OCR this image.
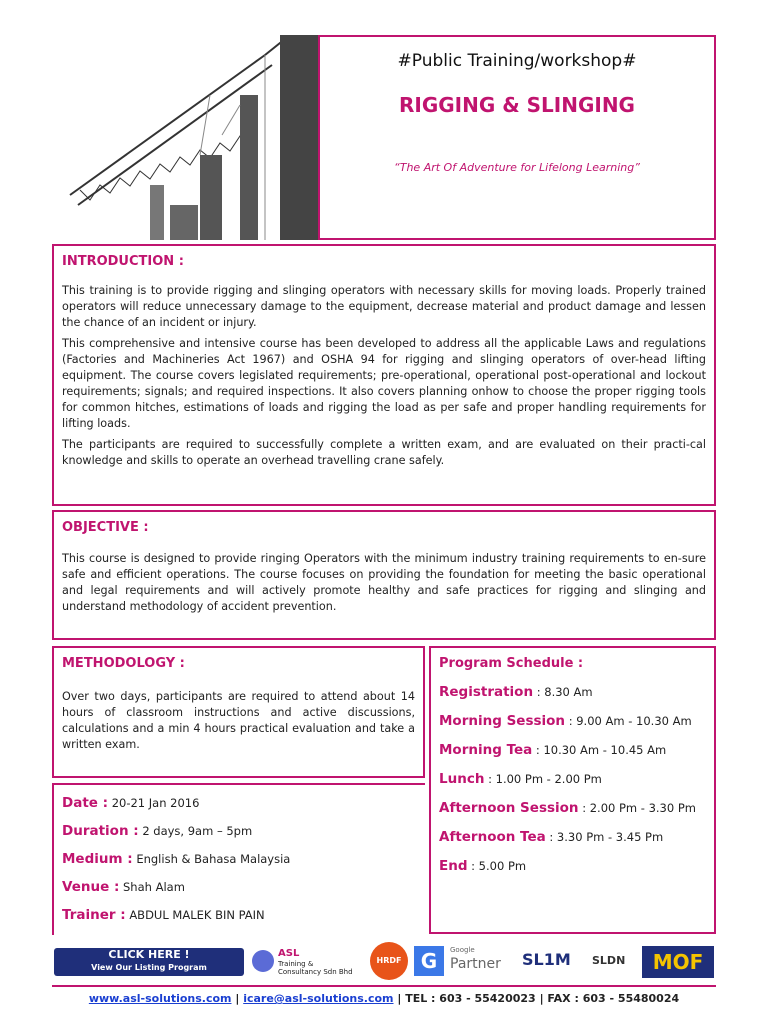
#Public Training/workshop#
RIGGING & SLINGING
“The Art Of Adventure for Lifelong Learning”
INTRODUCTION :

This training is to provide rigging and slinging operators with necessary skills for moving loads. Properly trained operators will reduce unnecessary damage to the equipment, decrease material and product damage and lessen the chance of an incident or injury.

This comprehensive and intensive course has been developed to address all the applicable Laws and regulations (Factories and Machineries Act 1967) and OSHA 94 for rigging and slinging operators of over-head lifting equipment. The course covers legislated requirements; pre-operational, operational post-operational and lockout requirements; signals; and required inspections. It also covers planning onhow to choose the proper rigging tools for common hitches, estimations of loads and rigging the load as per safe and proper handling requirements for lifting loads.

The participants are required to successfully complete a written exam, and are evaluated on their practi-cal knowledge and skills to operate an overhead travelling crane safely.

OBJECTIVE :

This course is designed to provide ringing Operators with the minimum industry training requirements to en-sure safe and efficient operations. The course focuses on providing the foundation for meeting the basic operational and legal requirements and will actively promote healthy and safe practices for rigging and slinging and understand methodology of accident prevention.

METHODOLOGY :

Over two days, participants are required to attend about 14 hours of classroom instructions and active discussions, calculations and a min 4 hours practical evaluation and take a written exam.

Program Schedule :
Registration : 8.30 Am
Morning Session : 9.00 Am - 10.30 Am
Morning Tea : 10.30 Am - 10.45 Am
Lunch : 1.00 Pm - 2.00 Pm
Afternoon Session : 2.00 Pm - 3.30 Pm
Afternoon Tea : 3.30 Pm - 3.45 Pm
End : 5.00 Pm
Date : 20-21 Jan 2016
Duration : 2 days, 9am – 5pm
Medium : English & Bahasa Malaysia
Venue : Shah Alam
Trainer : ABDUL MALEK BIN PAIN
CLICK HERE !
View Our Listing Program
ASL
Training & Consultancy Sdn Bhd
HRDF G	Google
Partner SL1M SLDN	MOF
www.asl-solutions.com | icare@asl-solutions.com | TEL : 603 - 55420023 | FAX : 603 - 55480024
